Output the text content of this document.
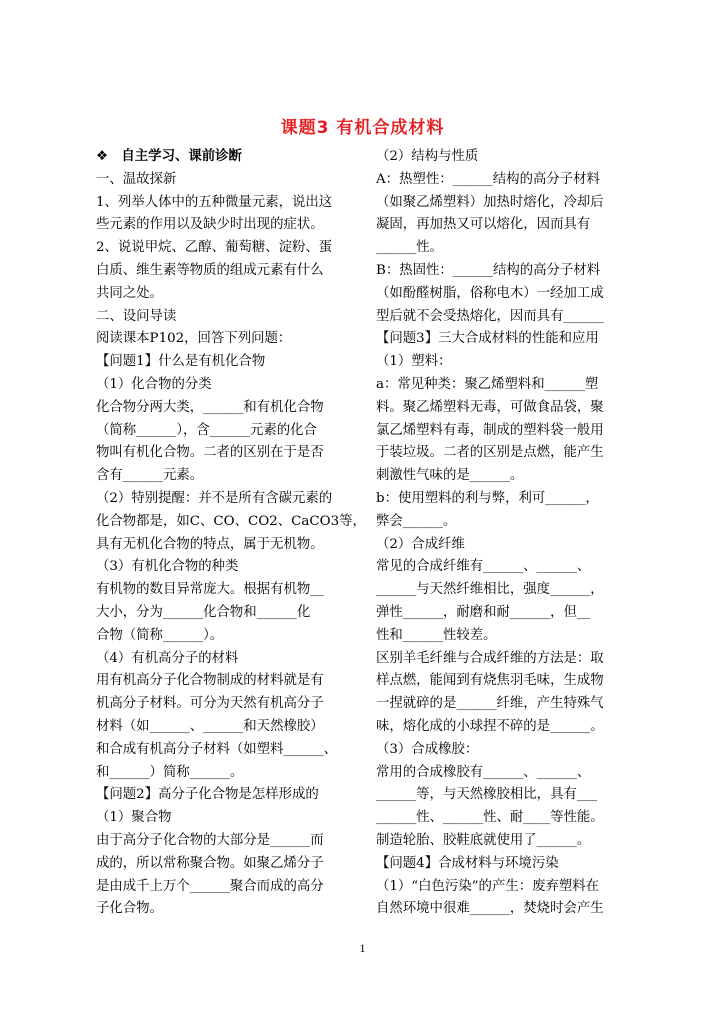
课题3 有机合成材料
❖　自主学习、课前诊断
一、温故探新
1、列举人体中的五种微量元素，说出这
些元素的作用以及缺少时出现的症状。
2、说说甲烷、乙醇、葡萄糖、淀粉、蛋
白质、维生素等物质的组成元素有什么
共同之处。
二、设问导读
阅读课本P102，回答下列问题：
【问题1】什么是有机化合物
（1）化合物的分类
化合物分两大类，______和有机化合物
（简称______），含______元素的化合
物叫有机化合物。二者的区别在于是否
含有______元素。
（2）特别提醒：并不是所有含碳元素的
化合物都是，如C、CO、CO2、CaCO3等，
具有无机化合物的特点，属于无机物。
（3）有机化合物的种类
有机物的数目异常庞大。根据有机物__
大小，分为______化合物和______化
合物（简称______）。
（4）有机高分子的材料
用有机高分子化合物制成的材料就是有
机高分子材料。可分为天然有机高分子
材料（如______、______和天然橡胶）
和合成有机高分子材料（如塑料______、
和______）简称______。
【问题2】高分子化合物是怎样形成的
（1）聚合物
由于高分子化合物的大部分是______而
成的，所以常称聚合物。如聚乙烯分子
是由成千上万个______聚合而成的高分
子化合物。
（2）结构与性质
A：热塑性：______结构的高分子材料
（如聚乙烯塑料）加热时熔化，冷却后
凝固，再加热又可以熔化，因而具有
______性。
B：热固性：______结构的高分子材料
（如酚醛树脂，俗称电木）一经加工成
型后就不会受热熔化，因而具有______
【问题3】三大合成材料的性能和应用
（1）塑料：
a：常见种类：聚乙烯塑料和______塑
料。聚乙烯塑料无毒，可做食品袋，聚
氯乙烯塑料有毒，制成的塑料袋一般用
于装垃圾。二者的区别是点燃，能产生
刺激性气味的是______。
b：使用塑料的利与弊，利可______，
弊会______。
（2）合成纤维
常见的合成纤维有______、______、
______与天然纤维相比，强度______，
弹性______，耐磨和耐______，但__
性和______性较差。
区别羊毛纤维与合成纤维的方法是：取
样点燃，能闻到有烧焦羽毛味，生成物
一捏就碎的是______纤维，产生特殊气
味，熔化成的小球捏不碎的是______。
（3）合成橡胶：
常用的合成橡胶有______、______、
______等，与天然橡胶相比，具有___
______性、______性、耐____等性能。
制造轮胎、胶鞋底就使用了______。
【问题4】合成材料与环境污染
（1）“白色污染”的产生：废弃塑料在
自然环境中很难______，焚烧时会产生
1
